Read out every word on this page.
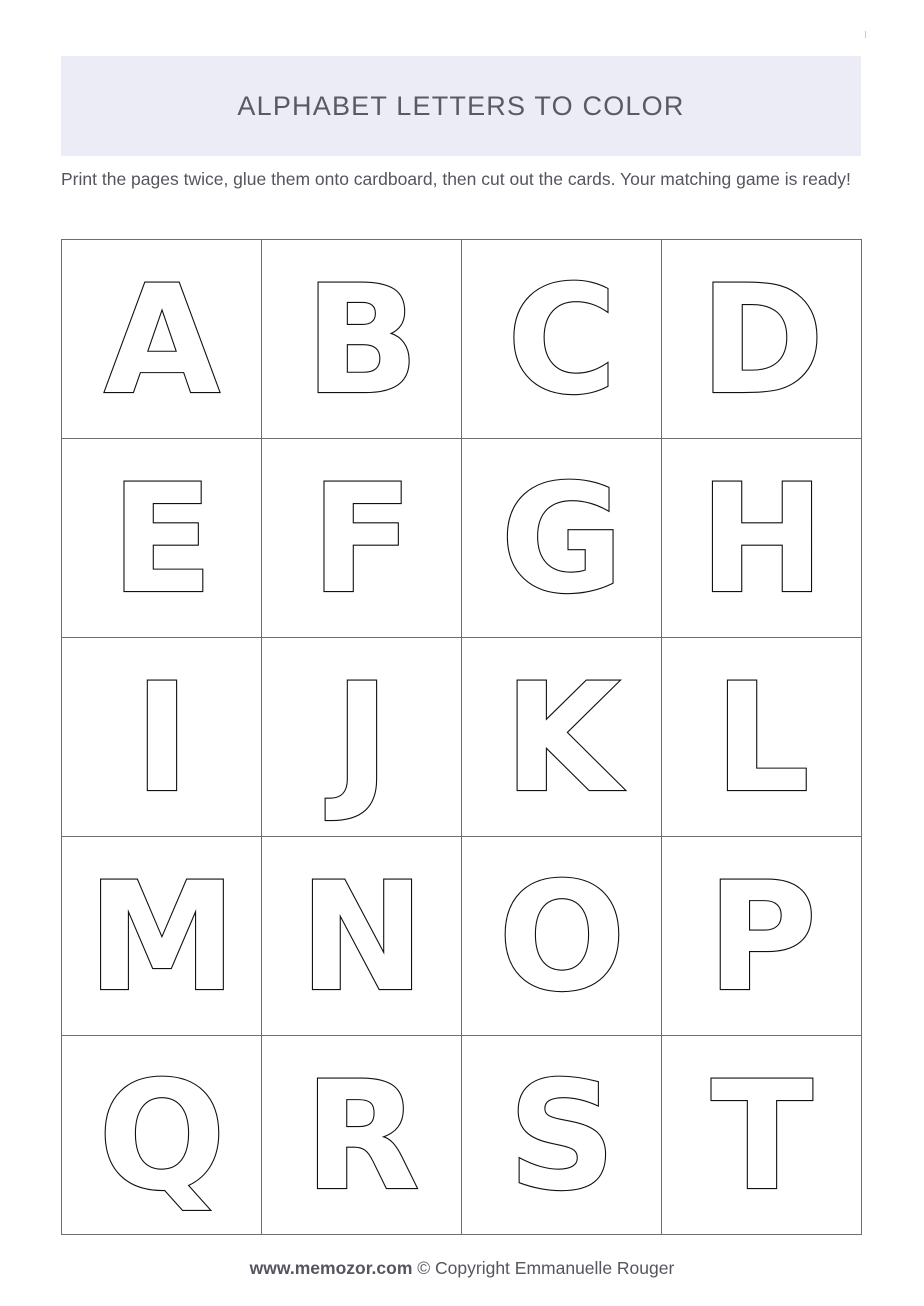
ALPHABET LETTERS TO COLOR
Print the pages twice, glue them onto cardboard, then cut out the cards. Your matching game is ready!
A B C D
E F G H
I J K L
M N O P
Q R S T
www.memozor.com © Copyright Emmanuelle Rouger
